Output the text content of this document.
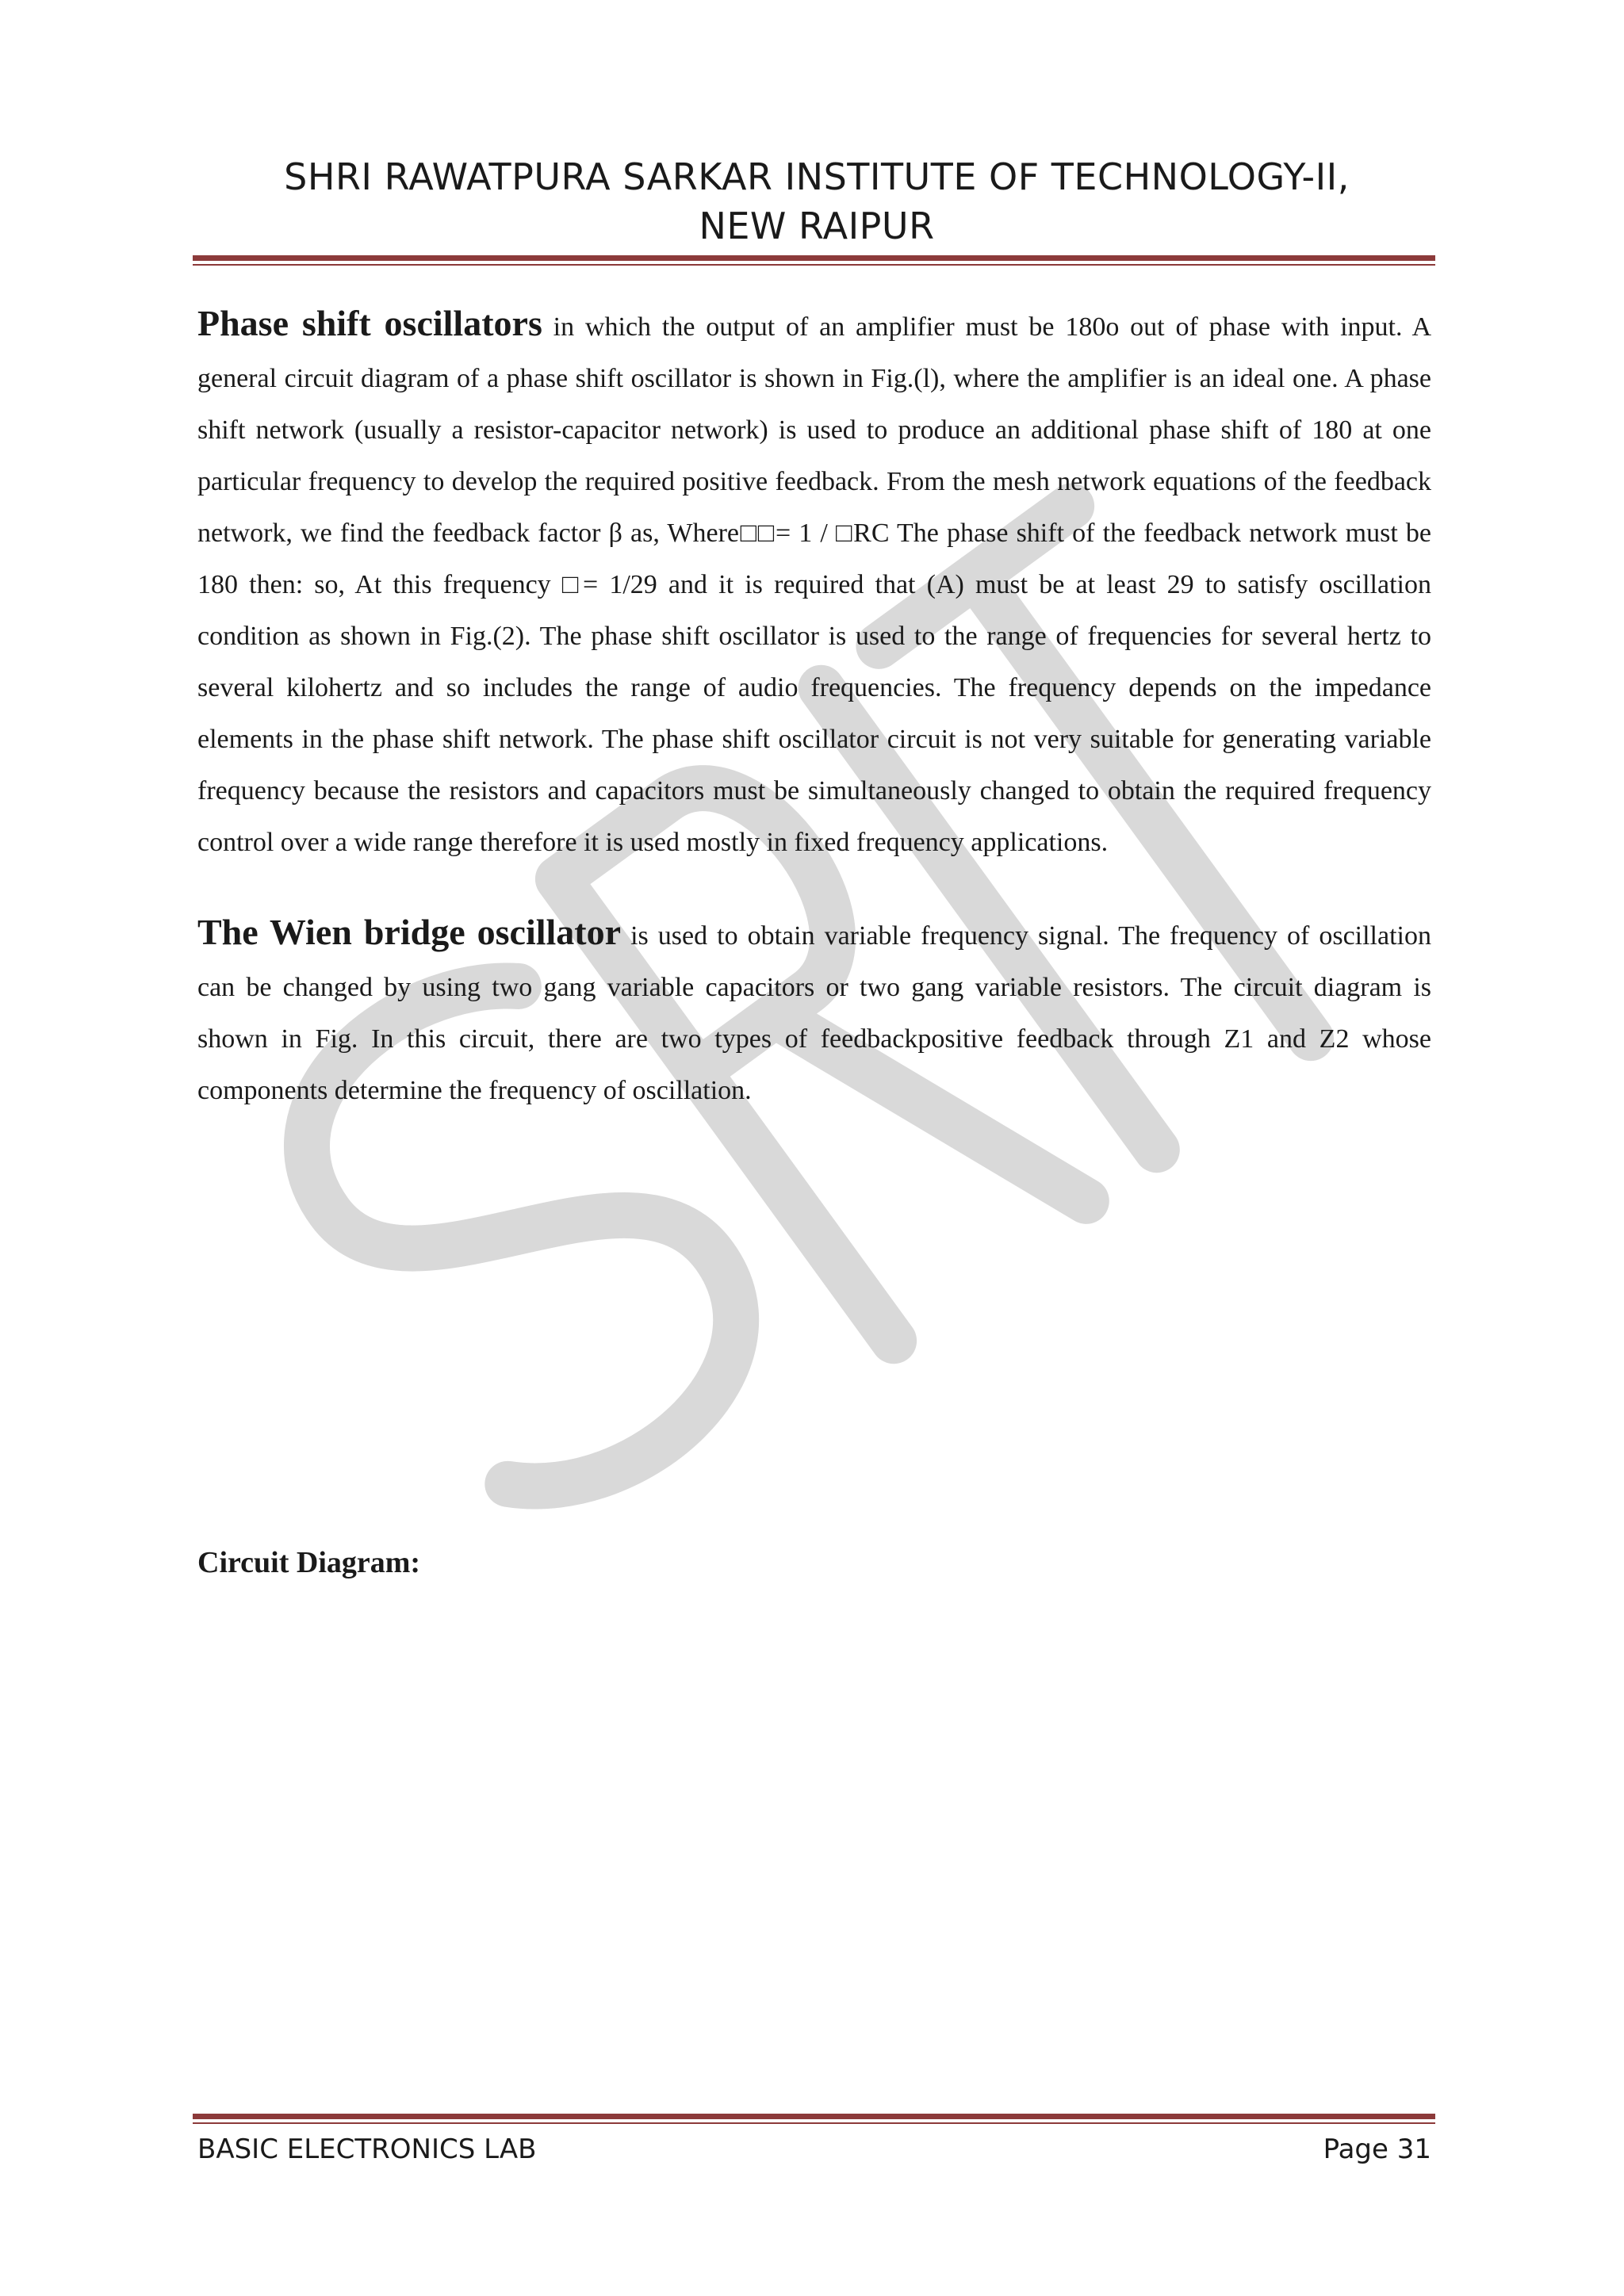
SHRI RAWATPURA SARKAR INSTITUTE OF TECHNOLOGY-II,
NEW RAIPUR

Phase shift oscillators in which the output of an amplifier must be 180o out of phase with input. A general circuit diagram of a phase shift oscillator is shown in Fig.(l), where the amplifier is an ideal one. A phase shift network (usually a resistor-capacitor network) is used to produce an additional phase shift of 180 at one particular frequency to develop the required positive feedback. From the mesh network equations of the feedback network, we find the feedback factor β as, Where□□= 1 / □RC The phase shift of the feedback network must be 180 then: so, At this frequency □= 1/29 and it is required that (A) must be at least 29 to satisfy oscillation condition as shown in Fig.(2). The phase shift oscillator is used to the range of frequencies for several hertz to several kilohertz and so includes the range of audio frequencies. The frequency depends on the impedance elements in the phase shift network. The phase shift oscillator circuit is not very suitable for generating variable frequency because the resistors and capacitors must be simultaneously changed to obtain the required frequency control over a wide range therefore it is used mostly in fixed frequency applications.

The Wien bridge oscillator is used to obtain variable frequency signal. The frequency of oscillation can be changed by using two gang variable capacitors or two gang variable resistors. The circuit diagram is shown in Fig. In this circuit, there are two types of feedbackpositive feedback through Z1 and Z2 whose components determine the frequency of oscillation.

Circuit Diagram:
BASIC ELECTRONICS LAB	Page 31
